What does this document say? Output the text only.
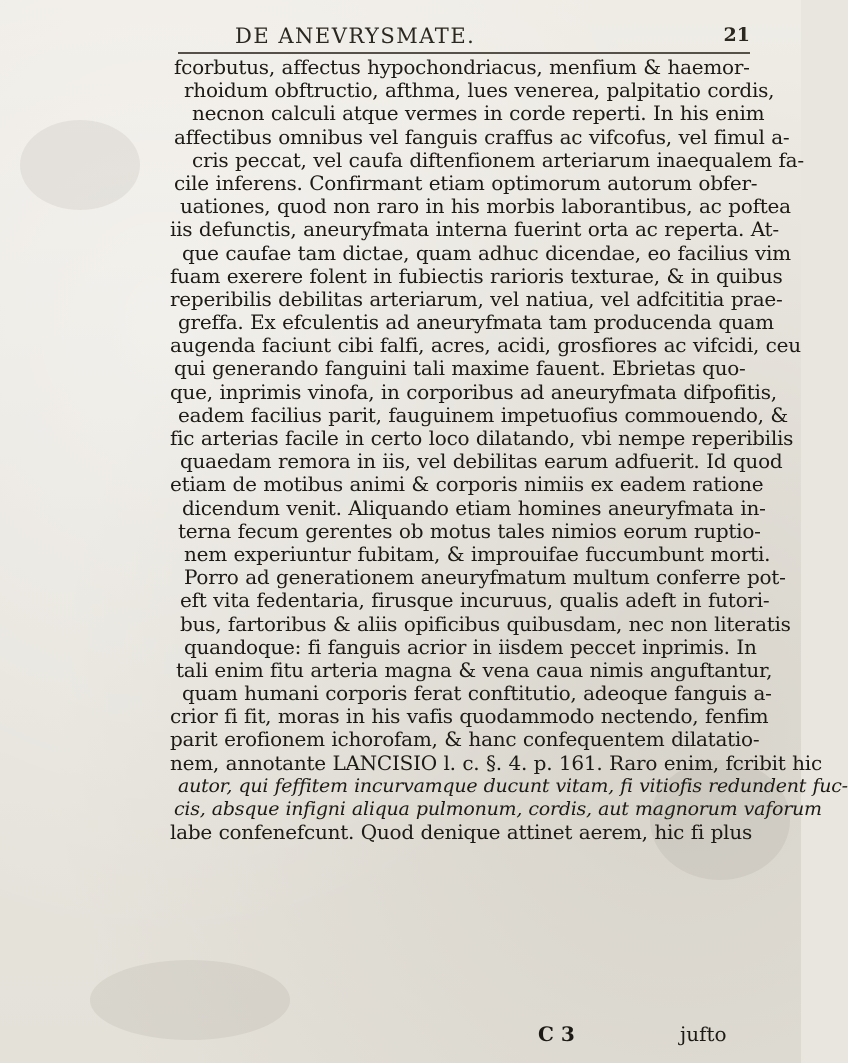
DE ANEVRYSMATE.	21
fcorbutus, affectus hypochondriacus, menfium & haemor-
rhoidum obftructio, afthma, lues venerea, palpitatio cordis,
necnon calculi atque vermes in corde reperti. In his enim
affectibus omnibus vel fanguis craffus ac vifcofus, vel fimul a-
cris peccat, vel caufa diftenfionem arteriarum inaequalem fa-
cile inferens. Confirmant etiam optimorum autorum obfer-
uationes, quod non raro in his morbis laborantibus, ac poftea
iis defunctis, aneuryfmata interna fuerint orta ac reperta. At-
que caufae tam dictae, quam adhuc dicendae, eo facilius vim
fuam exerere folent in fubiectis rarioris texturae, & in quibus
reperibilis debilitas arteriarum, vel natiua, vel adfcititia prae-
greffa. Ex efculentis ad aneuryfmata tam producenda quam
augenda faciunt cibi falfi, acres, acidi, grosfiores ac vifcidi, ceu
qui generando fanguini tali maxime fauent. Ebrietas quo-
que, inprimis vinofa, in corporibus ad aneuryfmata difpofitis,
eadem facilius parit, fauguinem impetuofius commouendo, &
fic arterias facile in certo loco dilatando, vbi nempe reperibilis
quaedam remora in iis, vel debilitas earum adfuerit. Id quod
etiam de motibus animi & corporis nimiis ex eadem ratione
dicendum venit. Aliquando etiam homines aneuryfmata in-
terna fecum gerentes ob motus tales nimios eorum ruptio-
nem experiuntur fubitam, & improuifae fuccumbunt morti.
Porro ad generationem aneuryfmatum multum conferre pot-
eft vita fedentaria, firusque incuruus, qualis adeft in futori-
bus, fartoribus & aliis opificibus quibusdam, nec non literatis
quandoque: fi fanguis acrior in iisdem peccet inprimis. In
tali enim fitu arteria magna & vena caua nimis anguftantur,
quam humani corporis ferat conftitutio, adeoque fanguis a-
crior fi fit, moras in his vafis quodammodo nectendo, fenfim
parit erofionem ichorofam, & hanc confequentem dilatatio-
nem, annotante LANCISIO l. c. §. 4. p. 161. Raro enim, fcribit hic
autor, qui feffitem incurvamque ducunt vitam, fi vitiofis redundent fuc-
cis, absque infigni aliqua pulmonum, cordis, aut magnorum vaforum
labe confenefcunt. Quod denique attinet aerem, hic fi plus
C 3	jufto
